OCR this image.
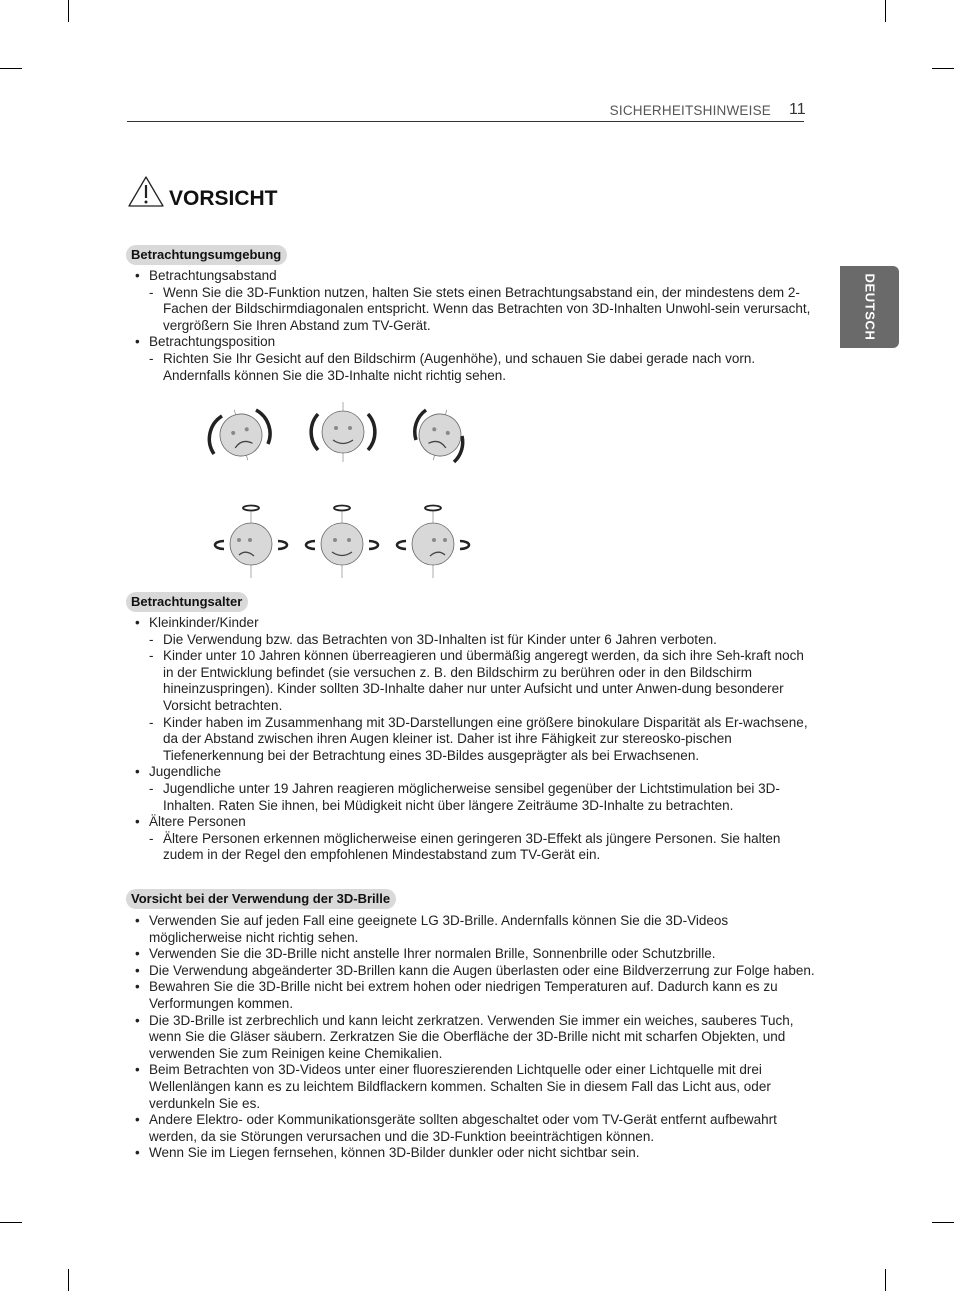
SICHERHEITSHINWEISE 11
DEUTSCH
VORSICHT
Betrachtungsumgebung
• Betrachtungsabstand
- Wenn Sie die 3D-Funktion nutzen, halten Sie stets einen Betrachtungsabstand ein, der mindestens dem 2-Fachen der Bildschirmdiagonalen entspricht. Wenn das Betrachten von 3D-Inhalten Unwohl-sein verursacht, vergrößern Sie Ihren Abstand zum TV-Gerät.
• Betrachtungsposition
- Richten Sie Ihr Gesicht auf den Bildschirm (Augenhöhe), und schauen Sie dabei gerade nach vorn. Andernfalls können Sie die 3D-Inhalte nicht richtig sehen.
Betrachtungsalter
• Kleinkinder/Kinder
- Die Verwendung bzw. das Betrachten von 3D-Inhalten ist für Kinder unter 6 Jahren verboten.
- Kinder unter 10 Jahren können überreagieren und übermäßig angeregt werden, da sich ihre Seh-kraft noch in der Entwicklung befindet (sie versuchen z. B. den Bildschirm zu berühren oder in den Bildschirm hineinzuspringen). Kinder sollten 3D-Inhalte daher nur unter Aufsicht und unter Anwen-dung besonderer Vorsicht betrachten.
- Kinder haben im Zusammenhang mit 3D-Darstellungen eine größere binokulare Disparität als Er-wachsene, da der Abstand zwischen ihren Augen kleiner ist. Daher ist ihre Fähigkeit zur stereosko-pischen Tiefenerkennung bei der Betrachtung eines 3D-Bildes ausgeprägter als bei Erwachsenen.
• Jugendliche
- Jugendliche unter 19 Jahren reagieren möglicherweise sensibel gegenüber der Lichtstimulation bei 3D-Inhalten. Raten Sie ihnen, bei Müdigkeit nicht über längere Zeiträume 3D-Inhalte zu betrachten.
• Ältere Personen
- Ältere Personen erkennen möglicherweise einen geringeren 3D-Effekt als jüngere Personen. Sie halten zudem in der Regel den empfohlenen Mindestabstand zum TV-Gerät ein.
Vorsicht bei der Verwendung der 3D-Brille
• Verwenden Sie auf jeden Fall eine geeignete LG 3D-Brille. Andernfalls können Sie die 3D-Videos möglicherweise nicht richtig sehen.
• Verwenden Sie die 3D-Brille nicht anstelle Ihrer normalen Brille, Sonnenbrille oder Schutzbrille.
• Die Verwendung abgeänderter 3D-Brillen kann die Augen überlasten oder eine Bildverzerrung zur Folge haben.
• Bewahren Sie die 3D-Brille nicht bei extrem hohen oder niedrigen Temperaturen auf. Dadurch kann es zu Verformungen kommen.
• Die 3D-Brille ist zerbrechlich und kann leicht zerkratzen. Verwenden Sie immer ein weiches, sauberes Tuch, wenn Sie die Gläser säubern. Zerkratzen Sie die Oberfläche der 3D-Brille nicht mit scharfen Objekten, und verwenden Sie zum Reinigen keine Chemikalien.
• Beim Betrachten von 3D-Videos unter einer fluoreszierenden Lichtquelle oder einer Lichtquelle mit drei Wellenlängen kann es zu leichtem Bildflackern kommen. Schalten Sie in diesem Fall das Licht aus, oder verdunkeln Sie es.
• Andere Elektro- oder Kommunikationsgeräte sollten abgeschaltet oder vom TV-Gerät entfernt aufbewahrt werden, da sie Störungen verursachen und die 3D-Funktion beeinträchtigen können.
• Wenn Sie im Liegen fernsehen, können 3D-Bilder dunkler oder nicht sichtbar sein.
